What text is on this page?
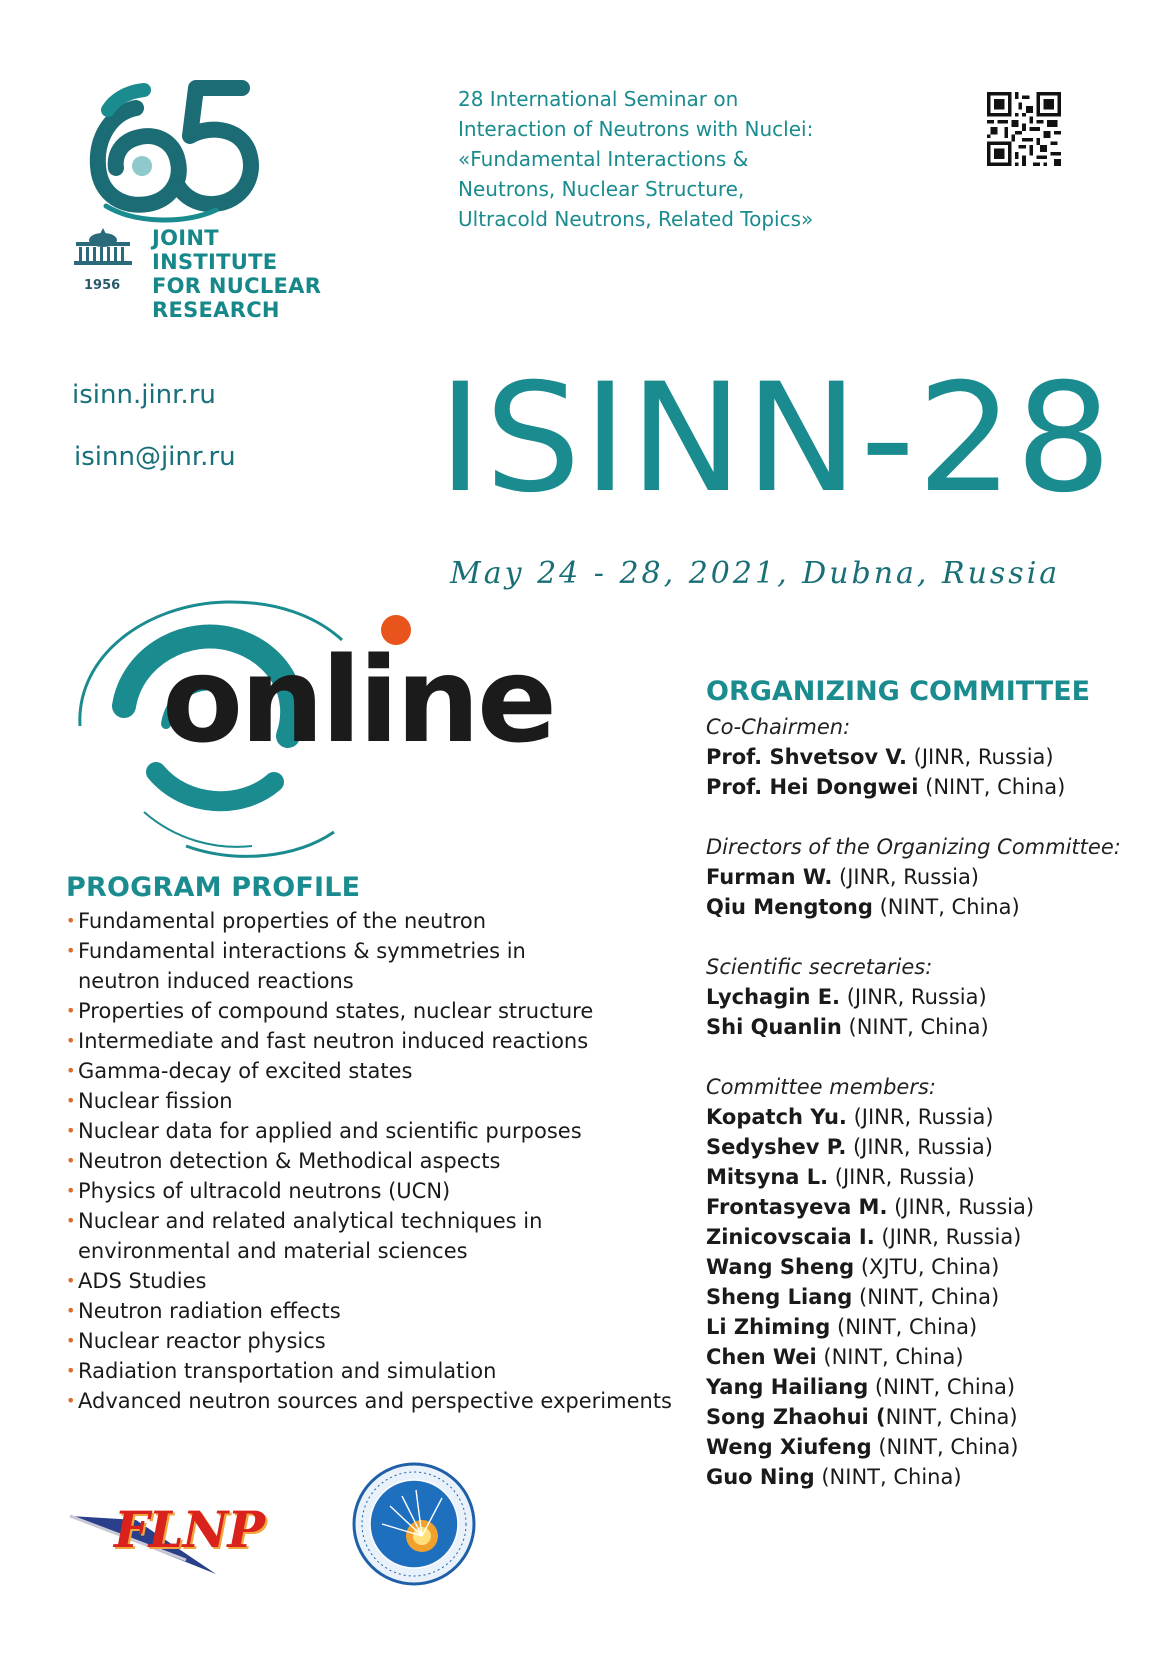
JOINT INSTITUTE
FOR NUCLEAR
RESEARCH
1956
28 International Seminar on
Interaction of Neutrons with Nuclei:
«Fundamental Interactions &
Neutrons, Nuclear Structure,
Ultracold Neutrons, Related Topics»
isinn.jinr.ru
isinn@jinr.ru ISINN-28
May 24 - 28, 2021, Dubna, Russia
online
PROGRAM PROFILE
• Fundamental properties of the neutron
• Fundamental interactions & symmetries in
neutron induced reactions
• Properties of compound states, nuclear structure
• Intermediate and fast neutron induced reactions
• Gamma-decay of excited states
• Nuclear fission
• Nuclear data for applied and scientific purposes
• Neutron detection & Methodical aspects
• Physics of ultracold neutrons (UCN)
• Nuclear and related analytical techniques in
environmental and material sciences
• ADS Studies
• Neutron radiation effects
• Nuclear reactor physics
• Radiation transportation and simulation
• Advanced neutron sources and perspective experiments
ORGANIZING COMMITTEE
Co-Chairmen:
Prof. Shvetsov V. (JINR, Russia)
Prof. Hei Dongwei (NINT, China)
Directors of the Organizing Committee:
Furman W. (JINR, Russia)
Qiu Mengtong (NINT, China)
Scientific secretaries:
Lychagin E. (JINR, Russia)
Shi Quanlin (NINT, China)
Committee members:
Kopatch Yu. (JINR, Russia)
Sedyshev P. (JINR, Russia)
Mitsyna L. (JINR, Russia)
Frontasyeva M. (JINR, Russia)
Zinicovscaia I. (JINR, Russia)
Wang Sheng (XJTU, China)
Sheng Liang (NINT, China)
Li Zhiming (NINT, China)
Chen Wei (NINT, China)
Yang Hailiang (NINT, China)
Song Zhaohui (NINT, China)
Weng Xiufeng (NINT, China)
Guo Ning (NINT, China)
FLNP
